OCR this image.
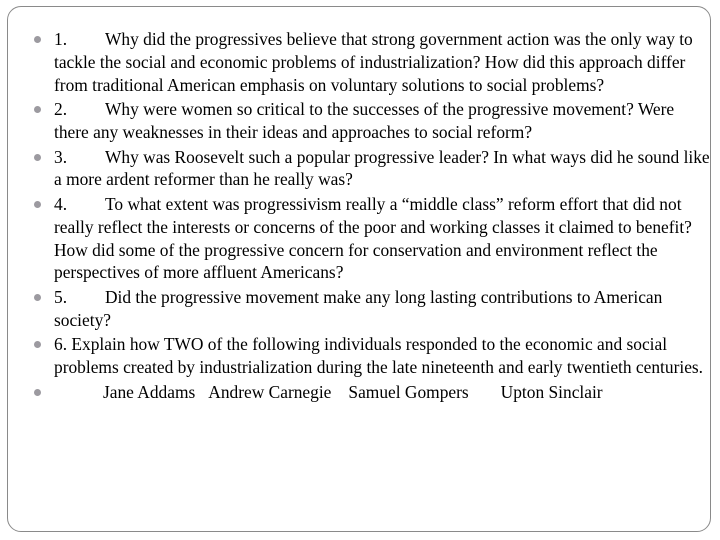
1. Why did the progressives believe that strong government action was the only way to tackle the social and economic problems of industrialization? How did this approach differ from traditional American emphasis on voluntary solutions to social problems?
2. Why were women so critical to the successes of the progressive movement? Were there any weaknesses in their ideas and approaches to social reform?
3. Why was Roosevelt such a popular progressive leader? In what ways did he sound like a more ardent reformer than he really was?
4. To what extent was progressivism really a “middle class” reform effort that did not really reflect the interests or concerns of the poor and working classes it claimed to benefit? How did some of the progressive concern for conservation and environment reflect the perspectives of more affluent Americans?
5. Did the progressive movement make any long lasting contributions to American society?
6. Explain how TWO of the following individuals responded to the economic and social problems created by industrialization during the late nineteenth and early twentieth centuries.
Jane Addams Andrew Carnegie Samuel Gompers Upton Sinclair
